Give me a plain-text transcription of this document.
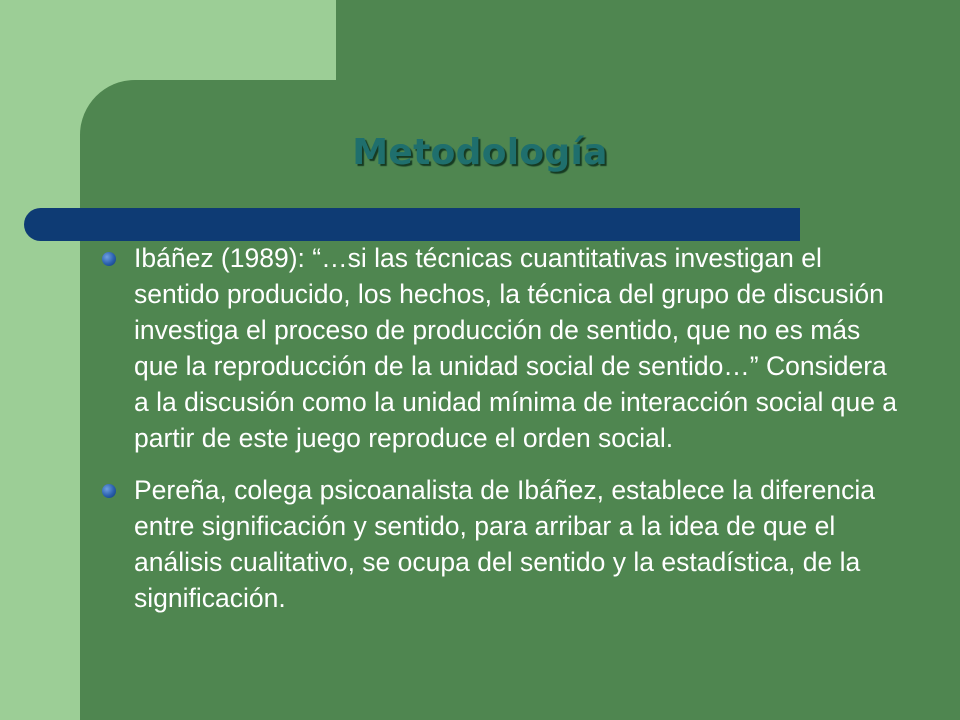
Metodología
Ibáñez (1989): “…si las técnicas cuantitativas investigan el sentido producido, los hechos, la técnica del grupo de discusión investiga el proceso de producción de sentido, que no es más que la reproducción de la unidad social de sentido…” Considera a la discusión como la unidad mínima de interacción social que a partir de este juego reproduce el orden social.
Pereña, colega psicoanalista de Ibáñez, establece la diferencia entre significación y sentido, para arribar a la idea de que el análisis cualitativo, se ocupa del sentido y la estadística, de la significación.
